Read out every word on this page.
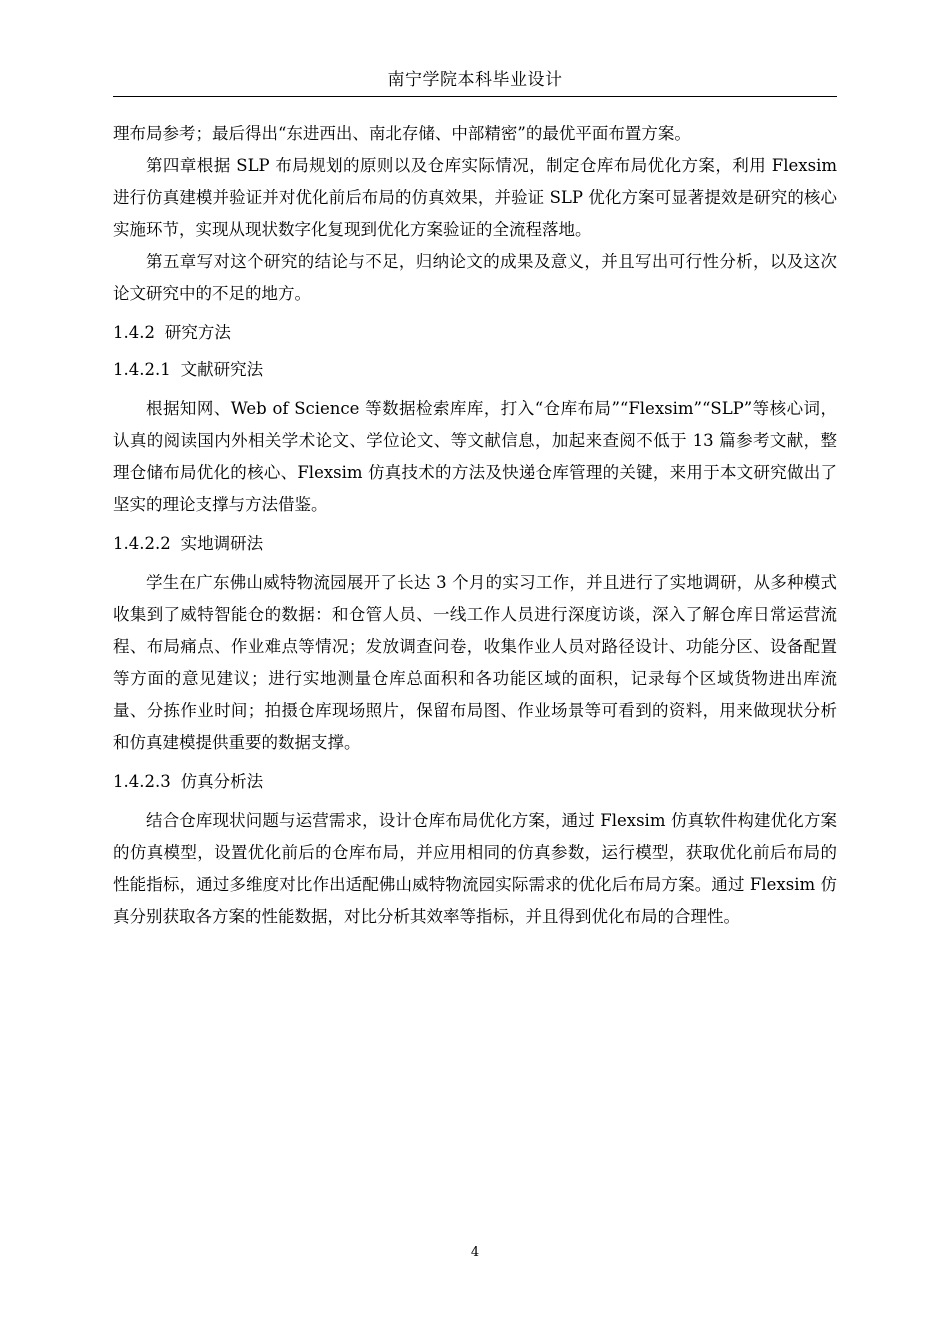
南宁学院本科毕业设计

理布局参考；最后得出“东进西出、南北存储、中部精密”的最优平面布置方案。

第四章根据 SLP 布局规划的原则以及仓库实际情况，制定仓库布局优化方案，利用 Flexsim 进行仿真建模并验证并对优化前后布局的仿真效果，并验证 SLP 优化方案可显著提效是研究的核心实施环节，实现从现状数字化复现到优化方案验证的全流程落地。

第五章写对这个研究的结论与不足，归纳论文的成果及意义，并且写出可行性分析，以及这次论文研究中的不足的地方。

1.4.2 研究方法
1.4.2.1 文献研究法

根据知网、Web of Science 等数据检索库库，打入“仓库布局”“Flexsim”“SLP”等核心词，认真的阅读国内外相关学术论文、学位论文、等文献信息，加起来查阅不低于 13 篇参考文献，整理仓储布局优化的核心、Flexsim 仿真技术的方法及快递仓库管理的关键，来用于本文研究做出了坚实的理论支撑与方法借鉴。

1.4.2.2 实地调研法

学生在广东佛山威特物流园展开了长达 3 个月的实习工作，并且进行了实地调研，从多种模式收集到了威特智能仓的数据：和仓管人员、一线工作人员进行深度访谈，深入了解仓库日常运营流程、布局痛点、作业难点等情况；发放调查问卷，收集作业人员对路径设计、功能分区、设备配置等方面的意见建议；进行实地测量仓库总面积和各功能区域的面积，记录每个区域货物进出库流量、分拣作业时间；拍摄仓库现场照片，保留布局图、作业场景等可看到的资料，用来做现状分析和仿真建模提供重要的数据支撑。

1.4.2.3 仿真分析法

结合仓库现状问题与运营需求，设计仓库布局优化方案，通过 Flexsim 仿真软件构建优化方案的仿真模型，设置优化前后的仓库布局，并应用相同的仿真参数，运行模型，获取优化前后布局的性能指标，通过多维度对比作出适配佛山威特物流园实际需求的优化后布局方案。通过 Flexsim 仿真分别获取各方案的性能数据，对比分析其效率等指标，并且得到优化布局的合理性。

4
